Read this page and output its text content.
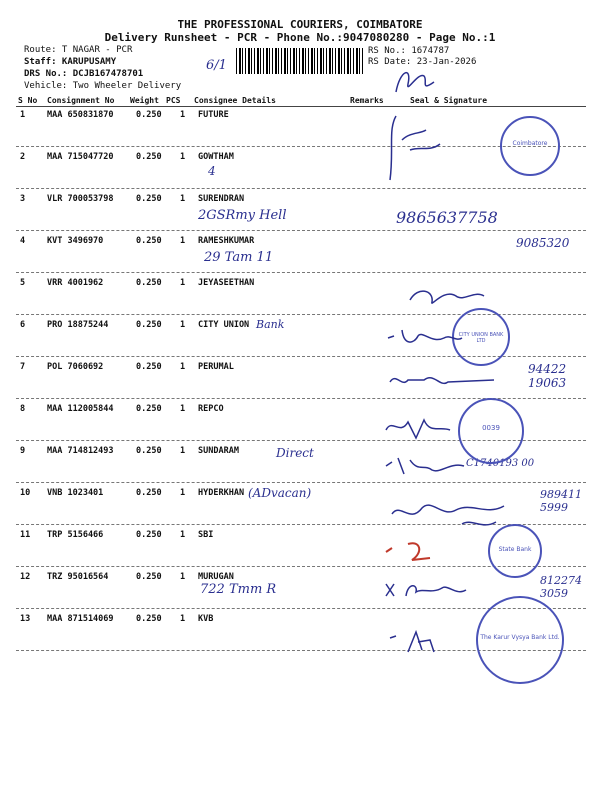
THE PROFESSIONAL COURIERS, COIMBATORE
Delivery Runsheet - PCR - Phone No.:9047080280 - Page No.:1
Route: T NAGAR - PCR
Staff: KARUPUSAMY
DRS No.: DCJB167478701
Vehicle: Two Wheeler Delivery
6/1
RS No.: 1674787
RS Date: 23-Jan-2026
S No Consignment No Weight PCS Consignee Details	Remarks	Seal & Signature
1	MAA 650831870	0.250 1 FUTURE
2	MAA 715047720	0.250 1 GOWTHAM
4
3	VLR 700053798	0.250 1 SURENDRAN
2GSRmy Hell	9865637758
4	KVT 3496970	0.250 1 RAMESHKUMAR
29 Tam 11
9085320
5	VRR 4001962	0.250 1 JEYASEETHAN
6	PRO 18875244	0.250 1 CITY UNION Bank
7	POL 7060692	0.250 1 PERUMAL	94422 19063
8	MAA 112005844	0.250 1 REPCO
9	MAA 714812493	0.250 1 SUNDARAM	Direct
C1740193 00
10 VNB 1023401	0.250 1 HYDERKHAN (ADvacan)	989411 5999
11 TRP 5156466	0.250 1 SBI
12 TRZ 95016564	0.250 1 MURUGAN
722 Tmm R
812274 3059
13 MAA 871514069	0.250 1 KVB
Coimbatore
CITY UNION BANK LTD
0039
State Bank
The Karur Vysya Bank Ltd.
